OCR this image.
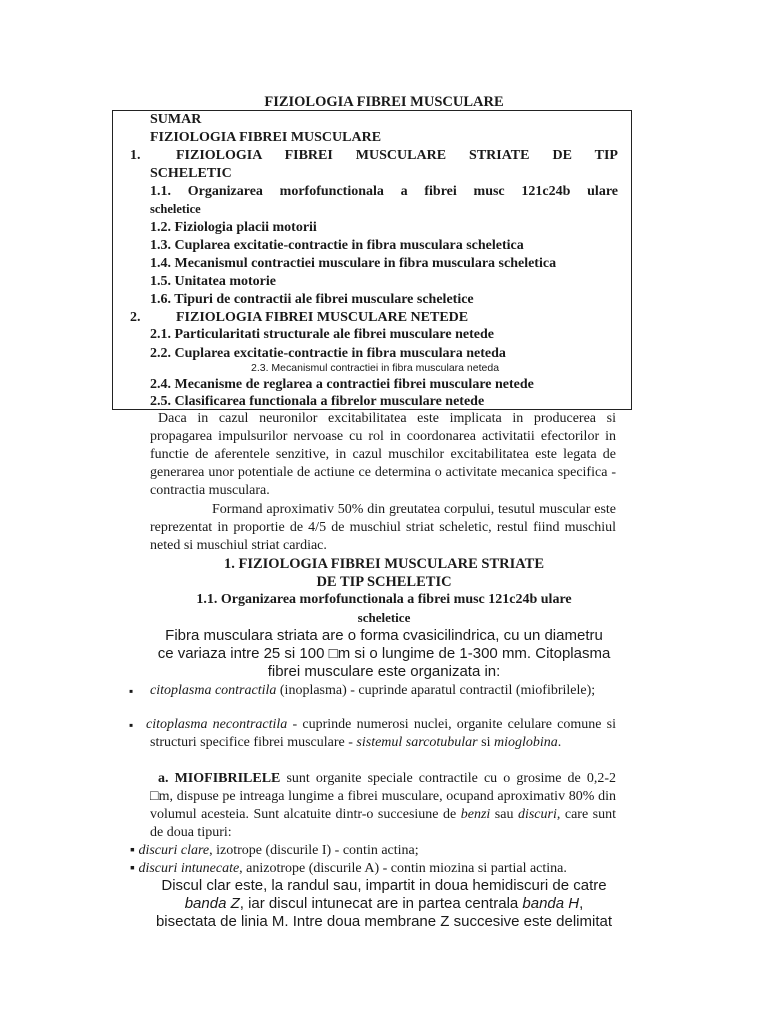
FIZIOLOGIA FIBREI MUSCULARE
SUMAR
FIZIOLOGIA FIBREI MUSCULARE
1.	FIZIOLOGIA FIBREI MUSCULARE STRIATE DE TIP
SCHELETIC
1.1. Organizarea morfofunctionala a fibrei musc 121c24b ulare
scheletice
1.2. Fiziologia placii motorii
1.3. Cuplarea excitatie-contractie in fibra musculara scheletica
1.4. Mecanismul contractiei musculare in fibra musculara scheletica
1.5. Unitatea motorie
1.6. Tipuri de contractii ale fibrei musculare scheletice
2.	FIZIOLOGIA FIBREI MUSCULARE NETEDE
2.1. Particularitati structurale ale fibrei musculare netede
2.2. Cuplarea excitatie-contractie in fibra musculara neteda
2.3. Mecanismul contractiei in fibra musculara neteda
2.4. Mecanisme de reglarea a contractiei fibrei musculare netede
2.5. Clasificarea functionala a fibrelor musculare netede

Daca in cazul neuronilor excitabilitatea este implicata in producerea si propagarea impulsurilor nervoase cu rol in coordonarea activitatii efectorilor in functie de aferentele senzitive, in cazul muschilor excitabilitatea este legata de generarea unor potentiale de actiune ce determina o activitate mecanica specifica - contractia musculara.

Formand aproximativ 50% din greutatea corpului, tesutul muscular este reprezentat in proportie de 4/5 de muschiul striat scheletic, restul fiind muschiul neted si muschiul striat cardiac.

1. FIZIOLOGIA FIBREI MUSCULARE STRIATE
DE TIP SCHELETIC
1.1. Organizarea morfofunctionala a fibrei musc 121c24b ulare
scheletice
Fibra musculara striata are o forma cvasicilindrica, cu un diametru
ce variaza intre 25 si 100 □m si o lungime de 1-300 mm. Citoplasma
fibrei musculare este organizata in:
▪ citoplasma contractila (inoplasma) - cuprinde aparatul contractil (miofibrilele);

▪ citoplasma necontractila - cuprinde numerosi nuclei, organite celulare comune si structuri specifice fibrei musculare - sistemul sarcotubular si mioglobina.

a. MIOFIBRILELE sunt organite speciale contractile cu o grosime de 0,2-2 □m, dispuse pe intreaga lungime a fibrei musculare, ocupand aproximativ 80% din volumul acesteia. Sunt alcatuite dintr-o succesiune de benzi sau discuri, care sunt de doua tipuri:

▪ discuri clare, izotrope (discurile I) - contin actina;

▪ discuri intunecate, anizotrope (discurile A) - contin miozina si partial actina.

Discul clar este, la randul sau, impartit in doua hemidiscuri de catre
banda Z, iar discul intunecat are in partea centrala banda H,
bisectata de linia M. Intre doua membrane Z succesive este delimitat
